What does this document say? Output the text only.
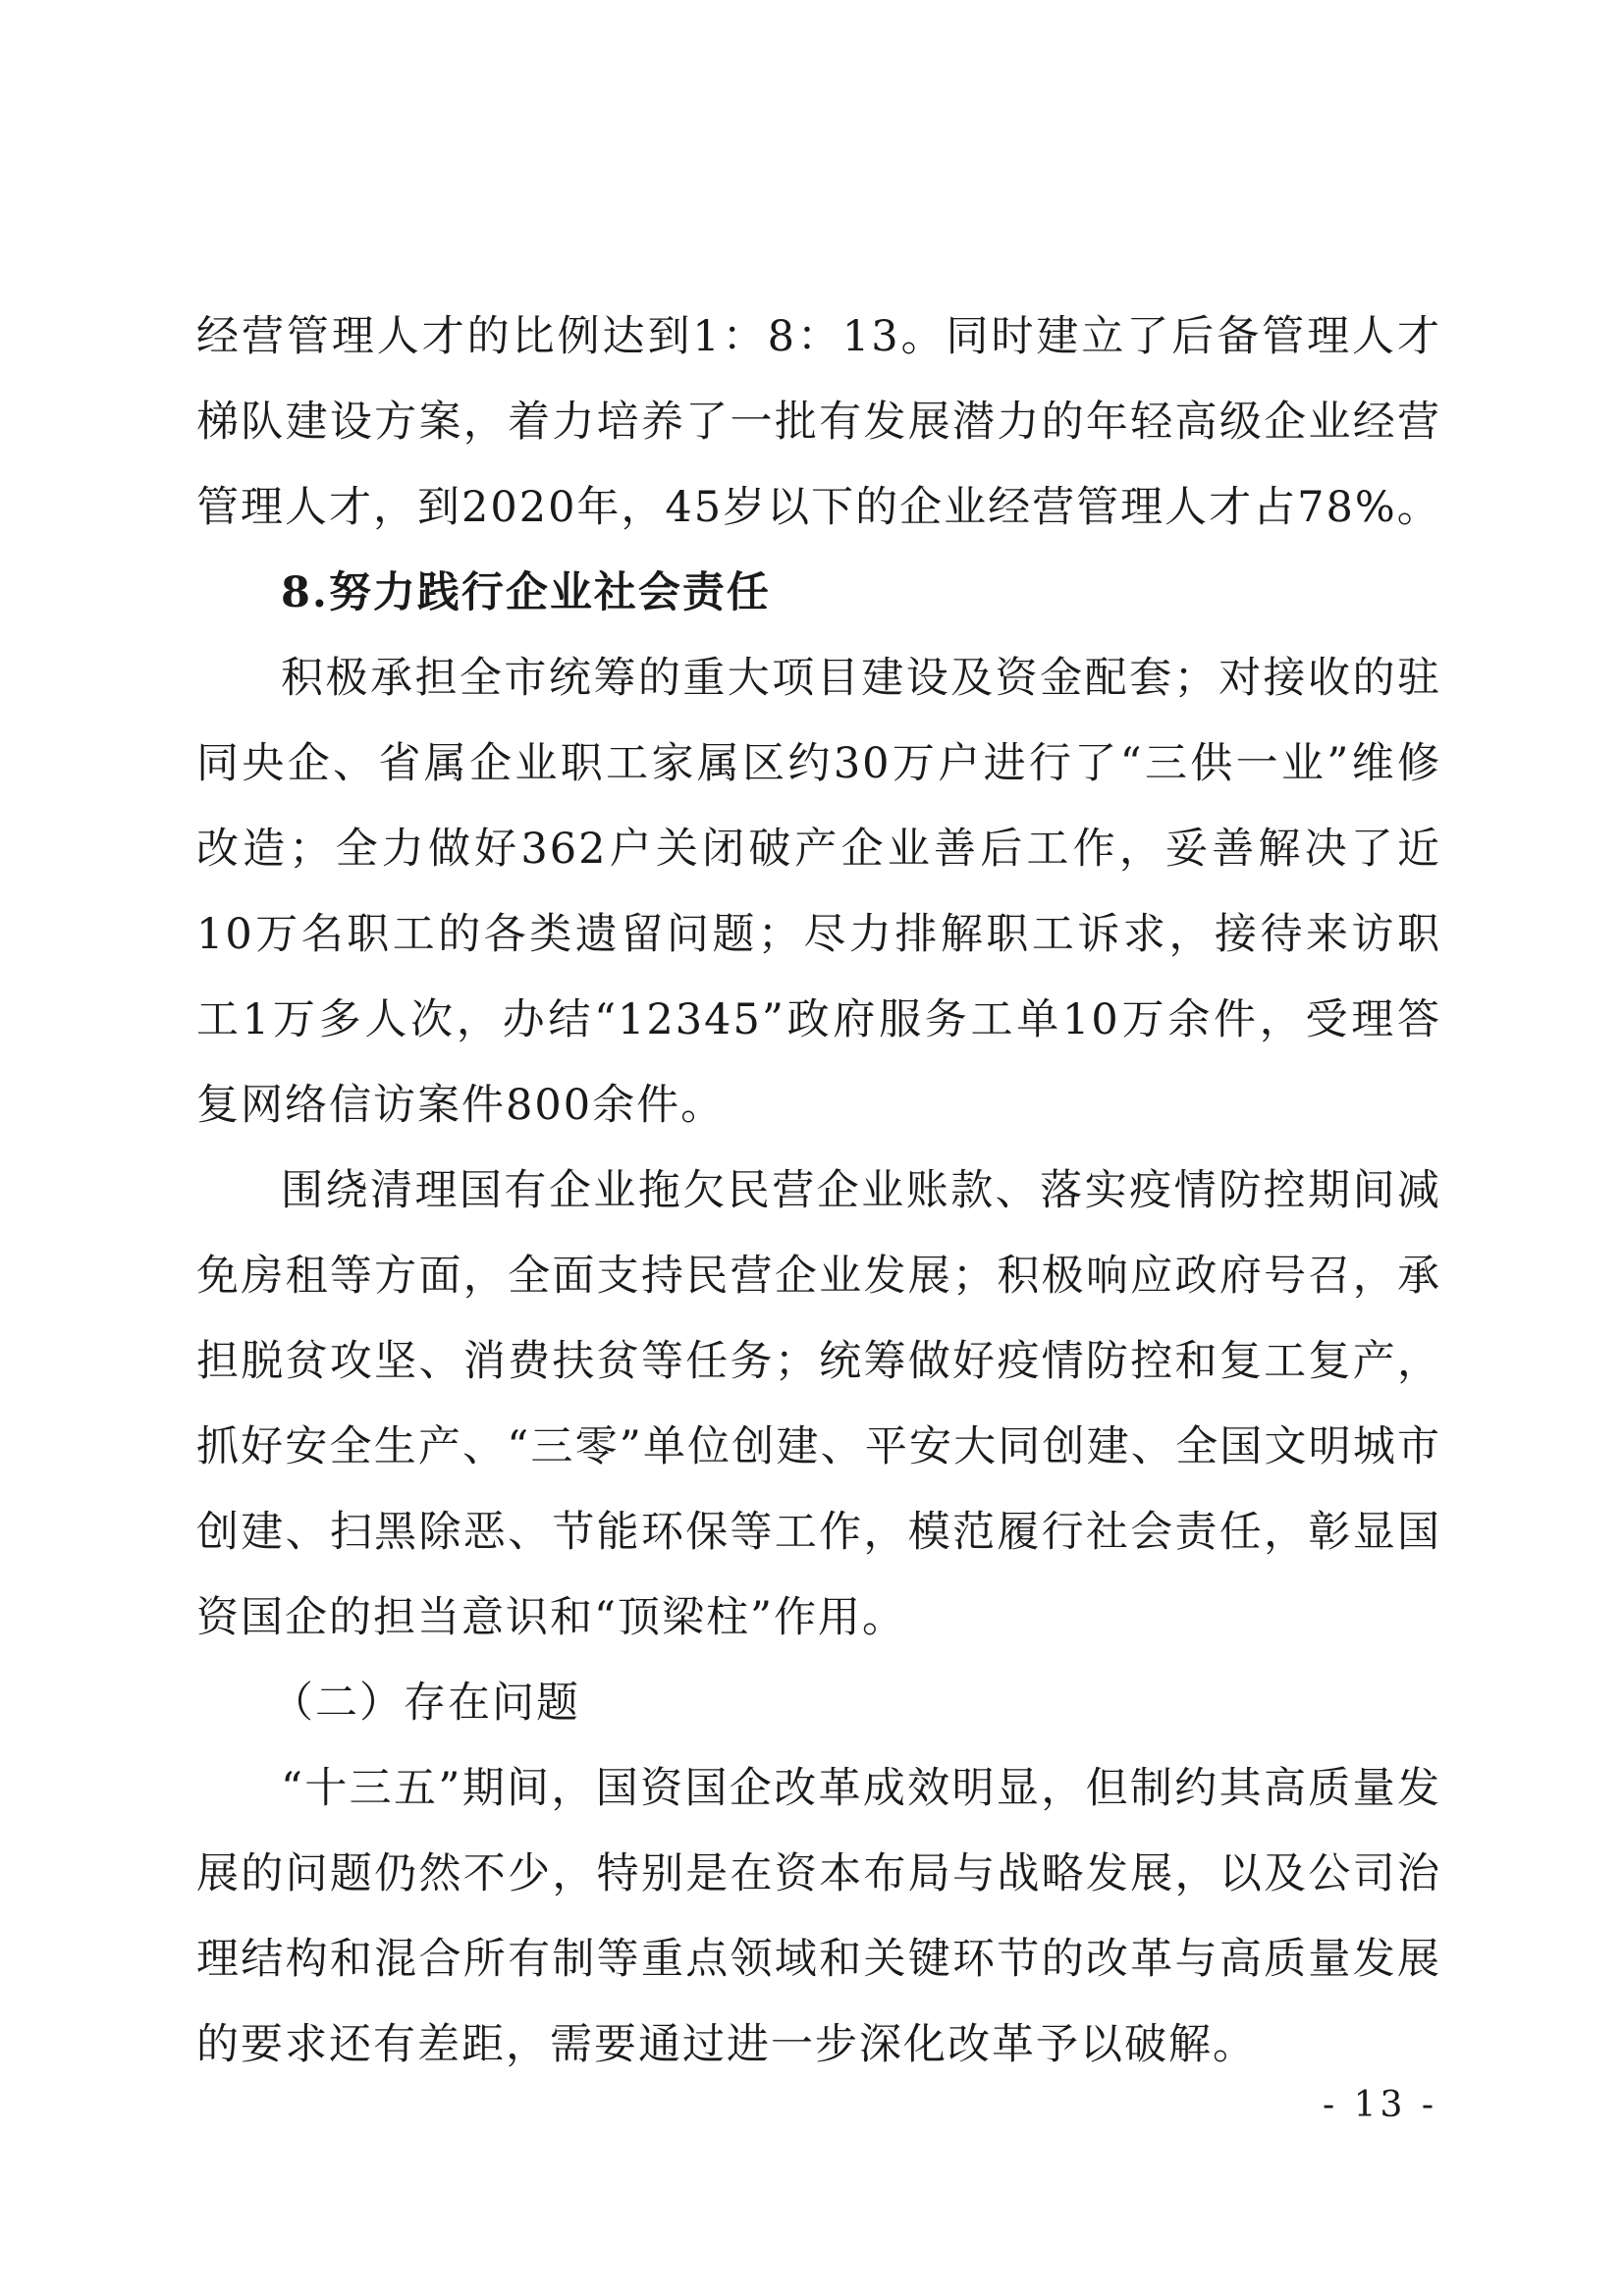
经营管理人才的比例达到1：8：13。同时建立了后备管理人才梯队建设方案，着力培养了一批有发展潜力的年轻高级企业经营管理人才，到2020年，45岁以下的企业经营管理人才占78%。

8.努力践行企业社会责任

积极承担全市统筹的重大项目建设及资金配套；对接收的驻同央企、省属企业职工家属区约30万户进行了“三供一业”维修改造；全力做好362户关闭破产企业善后工作，妥善解决了近10万名职工的各类遗留问题；尽力排解职工诉求，接待来访职工1万多人次，办结“12345”政府服务工单10万余件，受理答复网络信访案件800余件。

围绕清理国有企业拖欠民营企业账款、落实疫情防控期间减免房租等方面，全面支持民营企业发展；积极响应政府号召，承担脱贫攻坚、消费扶贫等任务；统筹做好疫情防控和复工复产，抓好安全生产、“三零”单位创建、平安大同创建、全国文明城市创建、扫黑除恶、节能环保等工作，模范履行社会责任，彰显国资国企的担当意识和“顶梁柱”作用。

（二）存在问题

“十三五”期间，国资国企改革成效明显，但制约其高质量发展的问题仍然不少，特别是在资本布局与战略发展，以及公司治理结构和混合所有制等重点领域和关键环节的改革与高质量发展的要求还有差距，需要通过进一步深化改革予以破解。

- 13 -
